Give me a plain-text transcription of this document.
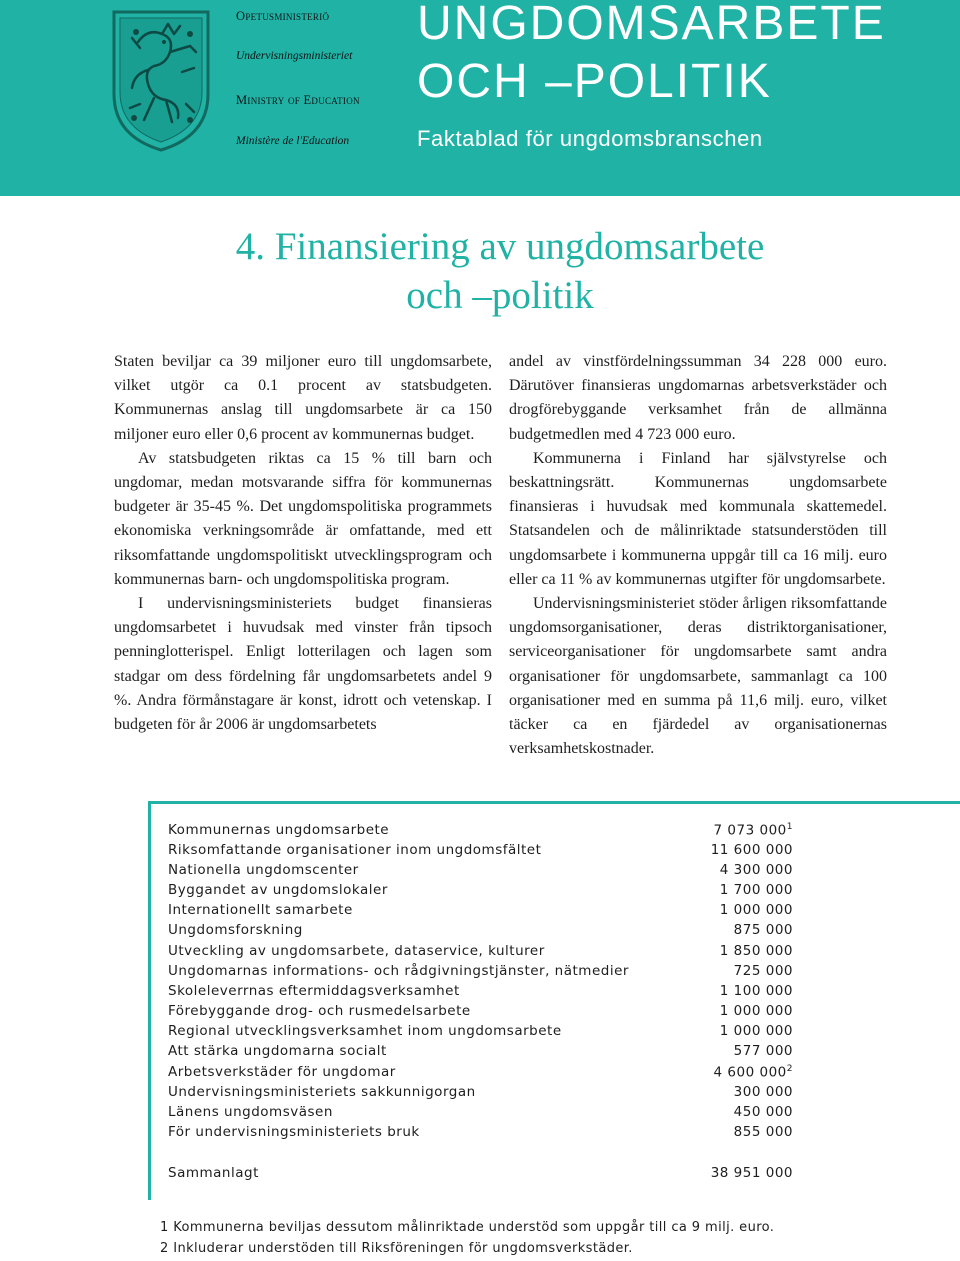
Opetusministeriö
Undervisningsministeriet
Ministry of Education
Ministère de l'Education
UNGDOMSARBETE
OCH –POLITIK
Faktablad för ungdomsbranschen
4. Finansiering av ungdomsarbete
och –politik

Staten beviljar ca 39 miljoner euro till ungdomsarbete, vilket utgör ca 0.1 procent av statsbudgeten. Kommunernas anslag till ungdomsarbete är ca 150 miljoner euro eller 0,6 procent av kommunernas budget.

Av statsbudgeten riktas ca 15 % till barn och ungdomar, medan motsvarande siffra för kommunernas budgeter är 35-45 %. Det ungdomspolitiska programmets ekonomiska verkningsområde är omfattande, med ett riksomfattande ungdomspolitiskt utvecklingsprogram och kommunernas barn- och ungdomspolitiska program.

I undervisningsministeriets budget finansieras ungdomsarbetet i huvudsak med vinster från tipsoch penninglotterispel. Enligt lotterilagen och lagen som stadgar om dess fördelning får ungdomsarbetets andel 9 %. Andra förmånstagare är konst, idrott och vetenskap. I budgeten för år 2006 är ungdomsarbetets

andel av vinstfördelningssumman 34 228 000 euro. Därutöver finansieras ungdomarnas arbetsverkstäder och drogförebyggande verksamhet från de allmänna budgetmedlen med 4 723 000 euro.

Kommunerna i Finland har självstyrelse och beskattningsrätt. Kommunernas ungdomsarbete finansieras i huvudsak med kommunala skattemedel. Statsandelen och de målinriktade statsunderstöden till ungdomsarbete i kommunerna uppgår till ca 16 milj. euro eller ca 11 % av kommunernas utgifter för ungdomsarbete.

Undervisningsministeriet stöder årligen riksomfattande ungdomsorganisationer, deras distriktorganisationer, serviceorganisationer för ungdomsarbete samt andra organisationer för ungdomsarbete, sammanlagt ca 100 organisationer med en summa på 11,6 milj. euro, vilket täcker ca en fjärdedel av organisationernas verksamhetskostnader.

Kommunernas ungdomsarbete	7 073 $000^1$
Riksomfattande organisationer inom ungdomsfältet	11 600 000
Nationella ungdomscenter	4 300 000
Byggandet av ungdomslokaler	1 700 000
Internationellt samarbete	1 000 000
Ungdomsforskning	875 000
Utveckling av ungdomsarbete, dataservice, kulturer	1 850 000
Ungdomarnas informations- och rådgivningstjänster, nätmedier	725 000
Skoleleverrnas eftermiddagsverksamhet	1 100 000
Förebyggande drog- och rusmedelsarbete	1 000 000
Regional utvecklingsverksamhet inom ungdomsarbete	1 000 000
Att stärka ungdomarna socialt	577 000
Arbetsverkstäder för ungdomar	4 600 $000^2$
Undervisningsministeriets sakkunnigorgan	300 000
Länens ungdomsväsen	450 000
För undervisningsministeriets bruk	855 000
Sammanlagt	38 951 000
1 Kommunerna beviljas dessutom målinriktade understöd som uppgår till ca 9 milj. euro.
2 Inkluderar understöden till Riksföreningen för ungdomsverkstäder.
